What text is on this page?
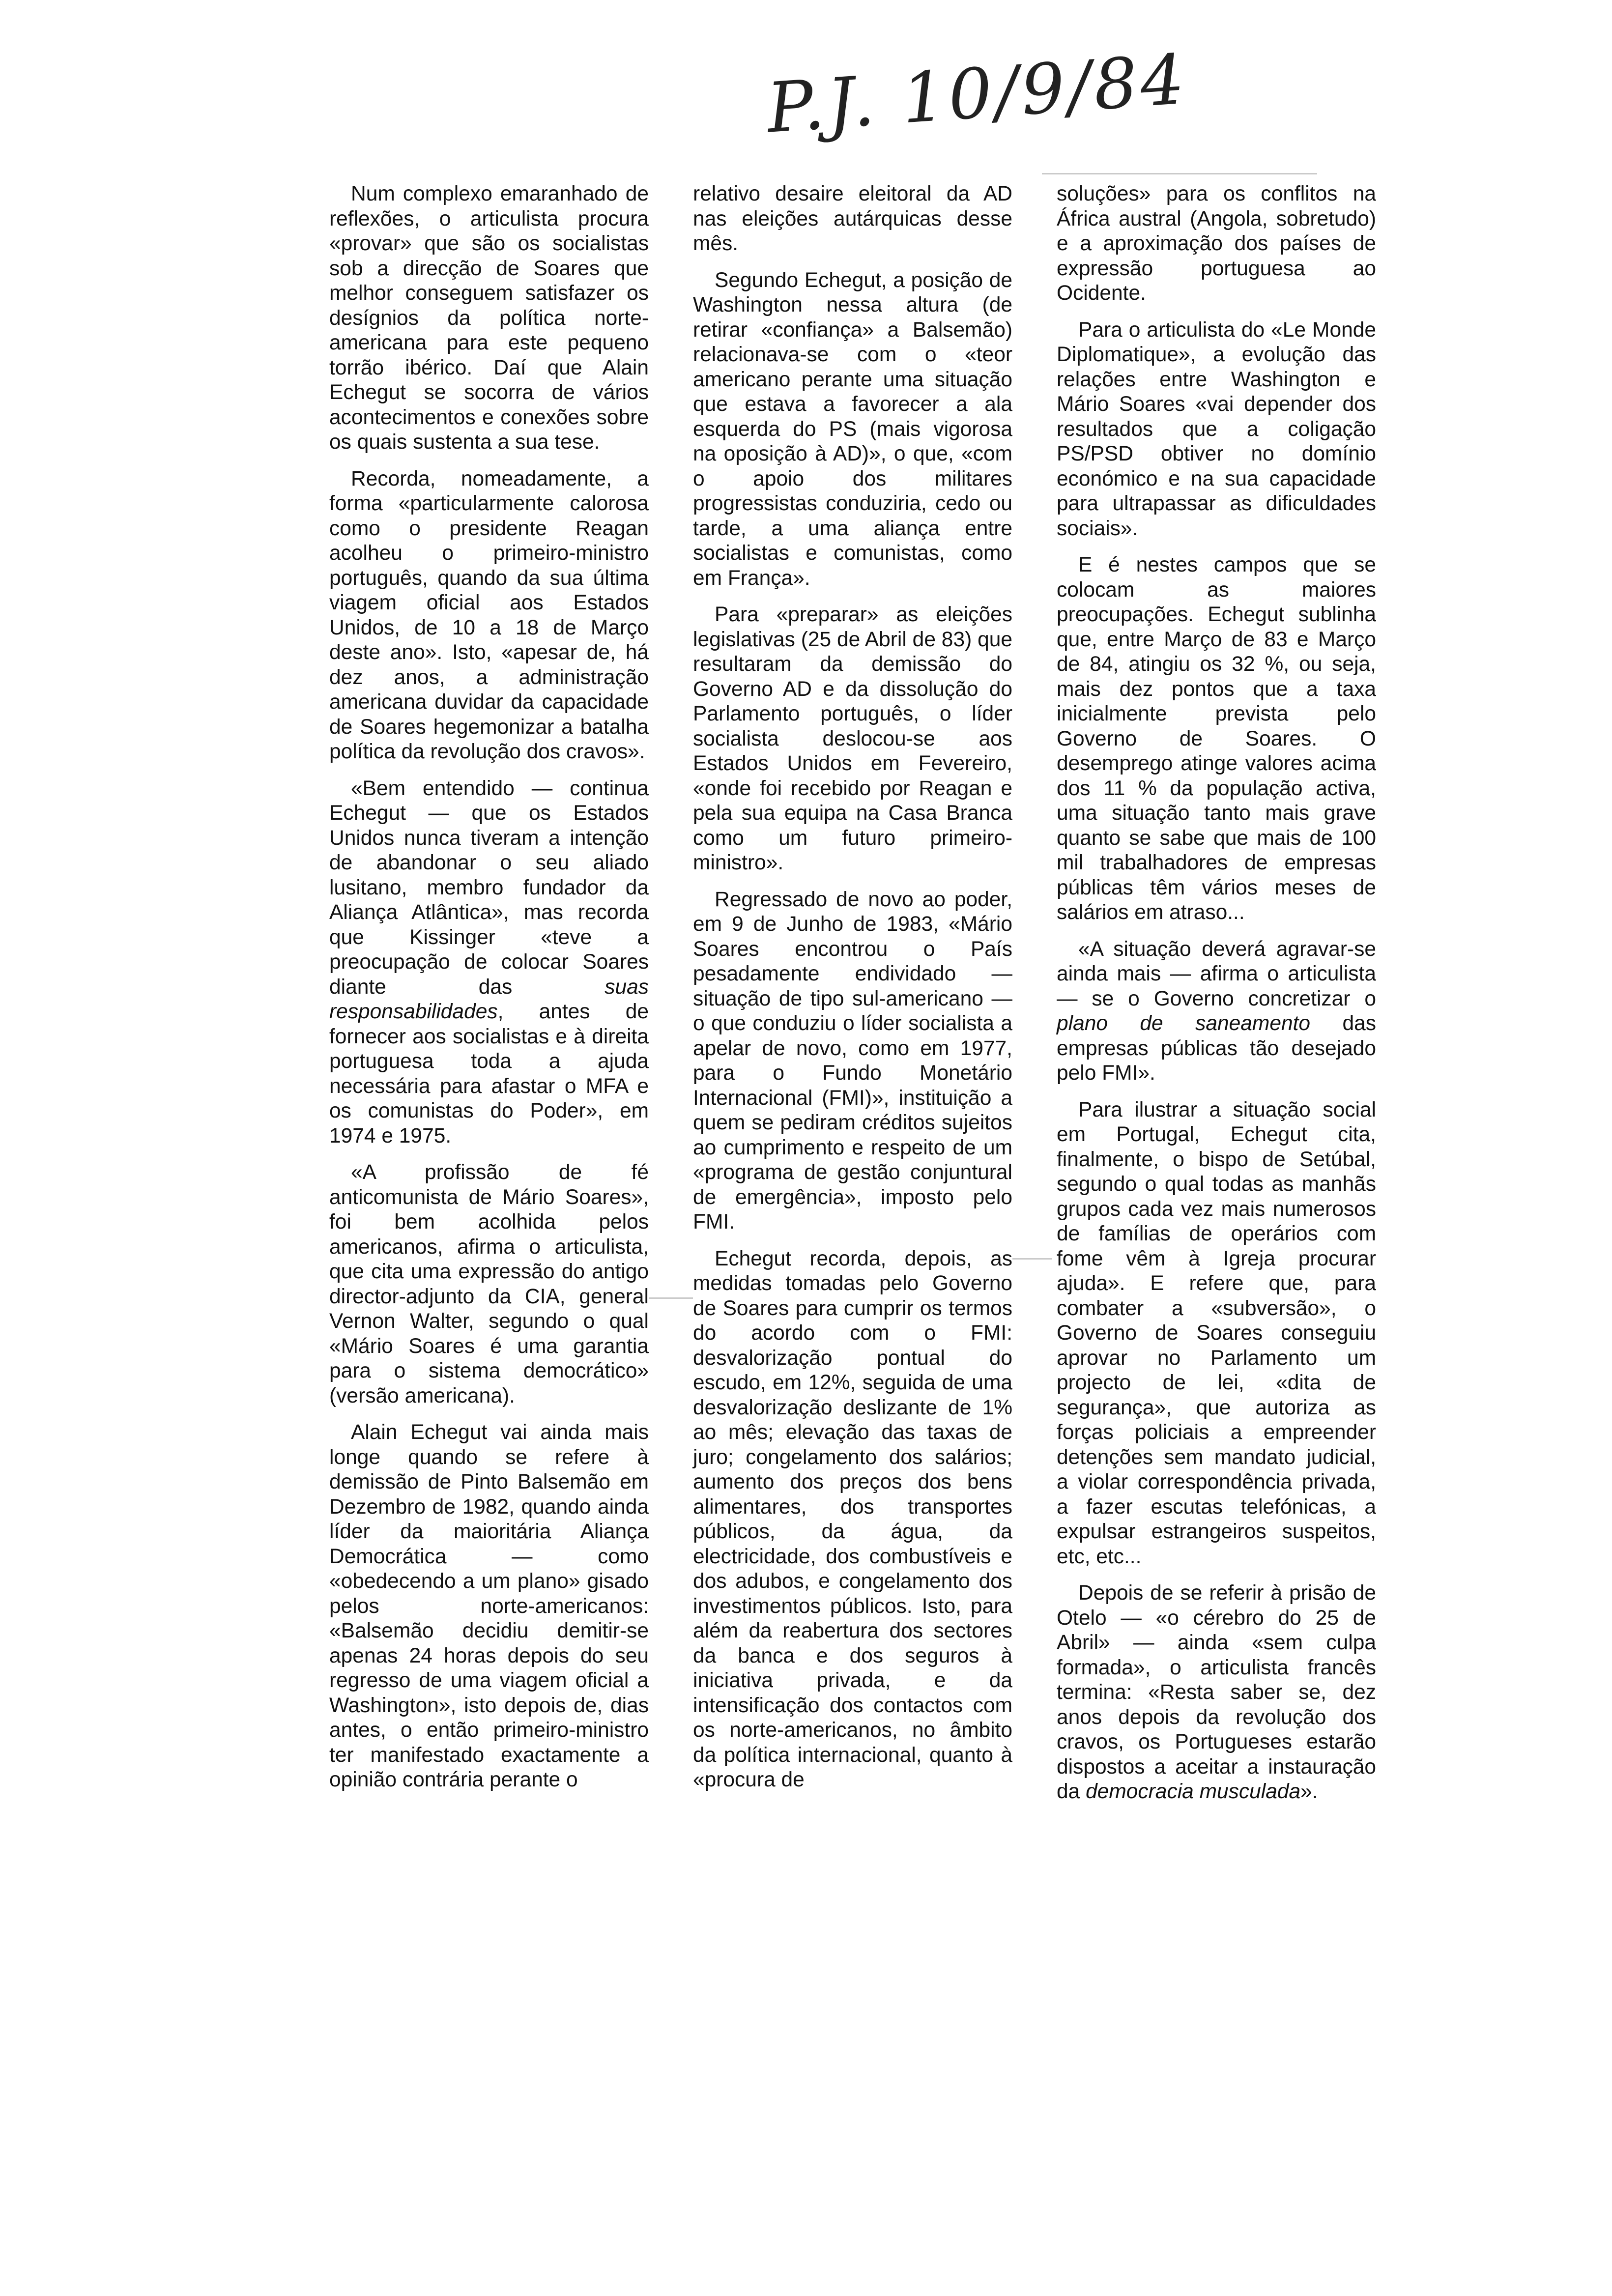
P.J. 10/9/84

Num complexo emaranhado de reflexões, o articulista procura «provar» que são os socialistas sob a direcção de Soares que melhor conseguem satisfazer os desígnios da política norte-americana para este pequeno torrão ibérico. Daí que Alain Echegut se socorra de vários acontecimentos e conexões sobre os quais sustenta a sua tese.

Recorda, nomeadamente, a forma «particularmente calorosa como o presidente Reagan acolheu o primeiro-ministro português, quando da sua última viagem oficial aos Estados Unidos, de 10 a 18 de Março deste ano». Isto, «apesar de, há dez anos, a administração americana duvidar da capacidade de Soares hegemonizar a batalha política da revolução dos cravos».

«Bem entendido — continua Echegut — que os Estados Unidos nunca tiveram a intenção de abandonar o seu aliado lusitano, membro fundador da Aliança Atlântica», mas recorda que Kissinger «teve a preocupação de colocar Soares diante das suas responsabilidades, antes de fornecer aos socialistas e à direita portuguesa toda a ajuda necessária para afastar o MFA e os comunistas do Poder», em 1974 e 1975.

«A profissão de fé anticomunista de Mário Soares», foi bem acolhida pelos americanos, afirma o articulista, que cita uma expressão do antigo director-adjunto da CIA, general Vernon Walter, segundo o qual «Mário Soares é uma garantia para o sistema democrático» (versão americana).

Alain Echegut vai ainda mais longe quando se refere à demissão de Pinto Balsemão em Dezembro de 1982, quando ainda líder da maioritária Aliança Democrática — como «obedecendo a um plano» gisado pelos norte-americanos: «Balsemão decidiu demitir-se apenas 24 horas depois do seu regresso de uma viagem oficial a Washington», isto depois de, dias antes, o então primeiro-ministro ter manifestado exactamente a opinião contrária perante o

relativo desaire eleitoral da AD nas eleições autárquicas desse mês.

Segundo Echegut, a posição de Washington nessa altura (de retirar «confiança» a Balsemão) relacionava-se com o «teor americano perante uma situação que estava a favorecer a ala esquerda do PS (mais vigorosa na oposição à AD)», o que, «com o apoio dos militares progressistas conduziria, cedo ou tarde, a uma aliança entre socialistas e comunistas, como em França».

Para «preparar» as eleições legislativas (25 de Abril de 83) que resultaram da demissão do Governo AD e da dissolução do Parlamento português, o líder socialista deslocou-se aos Estados Unidos em Fevereiro, «onde foi recebido por Reagan e pela sua equipa na Casa Branca como um futuro primeiro-ministro».

Regressado de novo ao poder, em 9 de Junho de 1983, «Mário Soares encontrou o País pesadamente endividado — situação de tipo sul-americano — o que conduziu o líder socialista a apelar de novo, como em 1977, para o Fundo Monetário Internacional (FMI)», instituição a quem se pediram créditos sujeitos ao cumprimento e respeito de um «programa de gestão conjuntural de emergência», imposto pelo FMI.

Echegut recorda, depois, as medidas tomadas pelo Governo de Soares para cumprir os termos do acordo com o FMI: desvalorização pontual do escudo, em 12%, seguida de uma desvalorização deslizante de 1% ao mês; elevação das taxas de juro; congelamento dos salários; aumento dos preços dos bens alimentares, dos transportes públicos, da água, da electricidade, dos combustíveis e dos adubos, e congelamento dos investimentos públicos. Isto, para além da reabertura dos sectores da banca e dos seguros à iniciativa privada, e da intensificação dos contactos com os norte-americanos, no âmbito da política internacional, quanto à «procura de

soluções» para os conflitos na África austral (Angola, sobretudo) e a aproximação dos países de expressão portuguesa ao Ocidente.

Para o articulista do «Le Monde Diplomatique», a evolução das relações entre Washington e Mário Soares «vai depender dos resultados que a coligação PS/PSD obtiver no domínio económico e na sua capacidade para ultrapassar as dificuldades sociais».

E é nestes campos que se colocam as maiores preocupações. Echegut sublinha que, entre Março de 83 e Março de 84, atingiu os 32 %, ou seja, mais dez pontos que a taxa inicialmente prevista pelo Governo de Soares. O desemprego atinge valores acima dos 11 % da população activa, uma situação tanto mais grave quanto se sabe que mais de 100 mil trabalhadores de empresas públicas têm vários meses de salários em atraso...

«A situação deverá agravar-se ainda mais — afirma o articulista — se o Governo concretizar o plano de saneamento das empresas públicas tão desejado pelo FMI».

Para ilustrar a situação social em Portugal, Echegut cita, finalmente, o bispo de Setúbal, segundo o qual todas as manhãs grupos cada vez mais numerosos de famílias de operários com fome vêm à Igreja procurar ajuda». E refere que, para combater a «subversão», o Governo de Soares conseguiu aprovar no Parlamento um projecto de lei, «dita de segurança», que autoriza as forças policiais a empreender detenções sem mandato judicial, a violar correspondência privada, a fazer escutas telefónicas, a expulsar estrangeiros suspeitos, etc, etc...

Depois de se referir à prisão de Otelo — «o cérebro do 25 de Abril» — ainda «sem culpa formada», o articulista francês termina: «Resta saber se, dez anos depois da revolução dos cravos, os Portugueses estarão dispostos a aceitar a instauração da democracia musculada».
